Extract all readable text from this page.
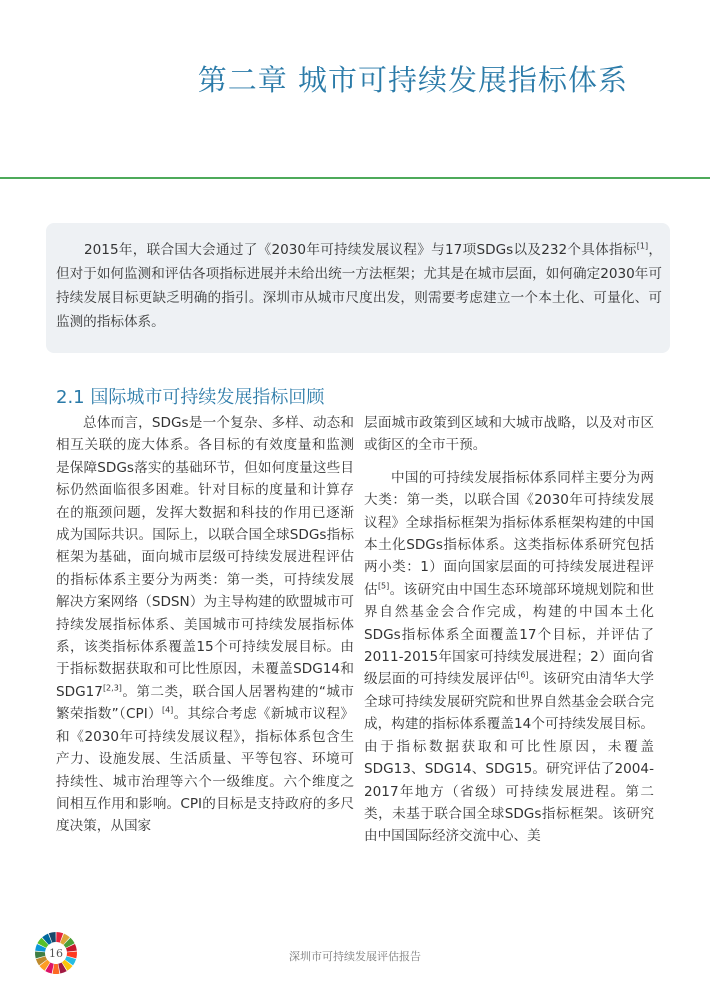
第二章 城市可持续发展指标体系

2015年，联合国大会通过了《2030年可持续发展议程》与17项SDGs以及232个具体指标[1]，但对于如何监测和评估各项指标进展并未给出统一方法框架；尤其是在城市层面，如何确定2030年可持续发展目标更缺乏明确的指引。深圳市从城市尺度出发，则需要考虑建立一个本土化、可量化、可监测的指标体系。

2.1 国际城市可持续发展指标回顾

总体而言，SDGs是一个复杂、多样、动态和相互关联的庞大体系。各目标的有效度量和监测是保障SDGs落实的基础环节，但如何度量这些目标仍然面临很多困难。针对目标的度量和计算存在的瓶颈问题，发挥大数据和科技的作用已逐渐成为国际共识。国际上，以联合国全球SDGs指标框架为基础，面向城市层级可持续发展进程评估的指标体系主要分为两类：第一类，可持续发展解决方案网络（SDSN）为主导构建的欧盟城市可持续发展指标体系、美国城市可持续发展指标体系，该类指标体系覆盖15个可持续发展目标。由于指标数据获取和可比性原因，未覆盖SDG14和SDG17[2,3]。第二类，联合国人居署构建的“城市繁荣指数”（CPI）[4]。其综合考虑《新城市议程》和《2030年可持续发展议程》，指标体系包含生产力、设施发展、生活质量、平等包容、环境可持续性、城市治理等六个一级维度。六个维度之间相互作用和影响。CPI的目标是支持政府的多尺度决策，从国家

层面城市政策到区域和大城市战略，以及对市区或街区的全市干预。

中国的可持续发展指标体系同样主要分为两大类：第一类，以联合国《2030年可持续发展议程》全球指标框架为指标体系框架构建的中国本土化SDGs指标体系。这类指标体系研究包括两小类：1）面向国家层面的可持续发展进程评估[5]。该研究由中国生态环境部环境规划院和世界自然基金会合作完成，构建的中国本土化SDGs指标体系全面覆盖17个目标，并评估了2011-2015年国家可持续发展进程；2）面向省级层面的可持续发展评估[6]。该研究由清华大学全球可持续发展研究院和世界自然基金会联合完成，构建的指标体系覆盖14个可持续发展目标。由于指标数据获取和可比性原因，未覆盖SDG13、SDG14、SDG15。研究评估了2004-2017年地方（省级）可持续发展进程。第二类，未基于联合国全球SDGs指标框架。该研究由中国国际经济交流中心、美

16	深圳市可持续发展评估报告
